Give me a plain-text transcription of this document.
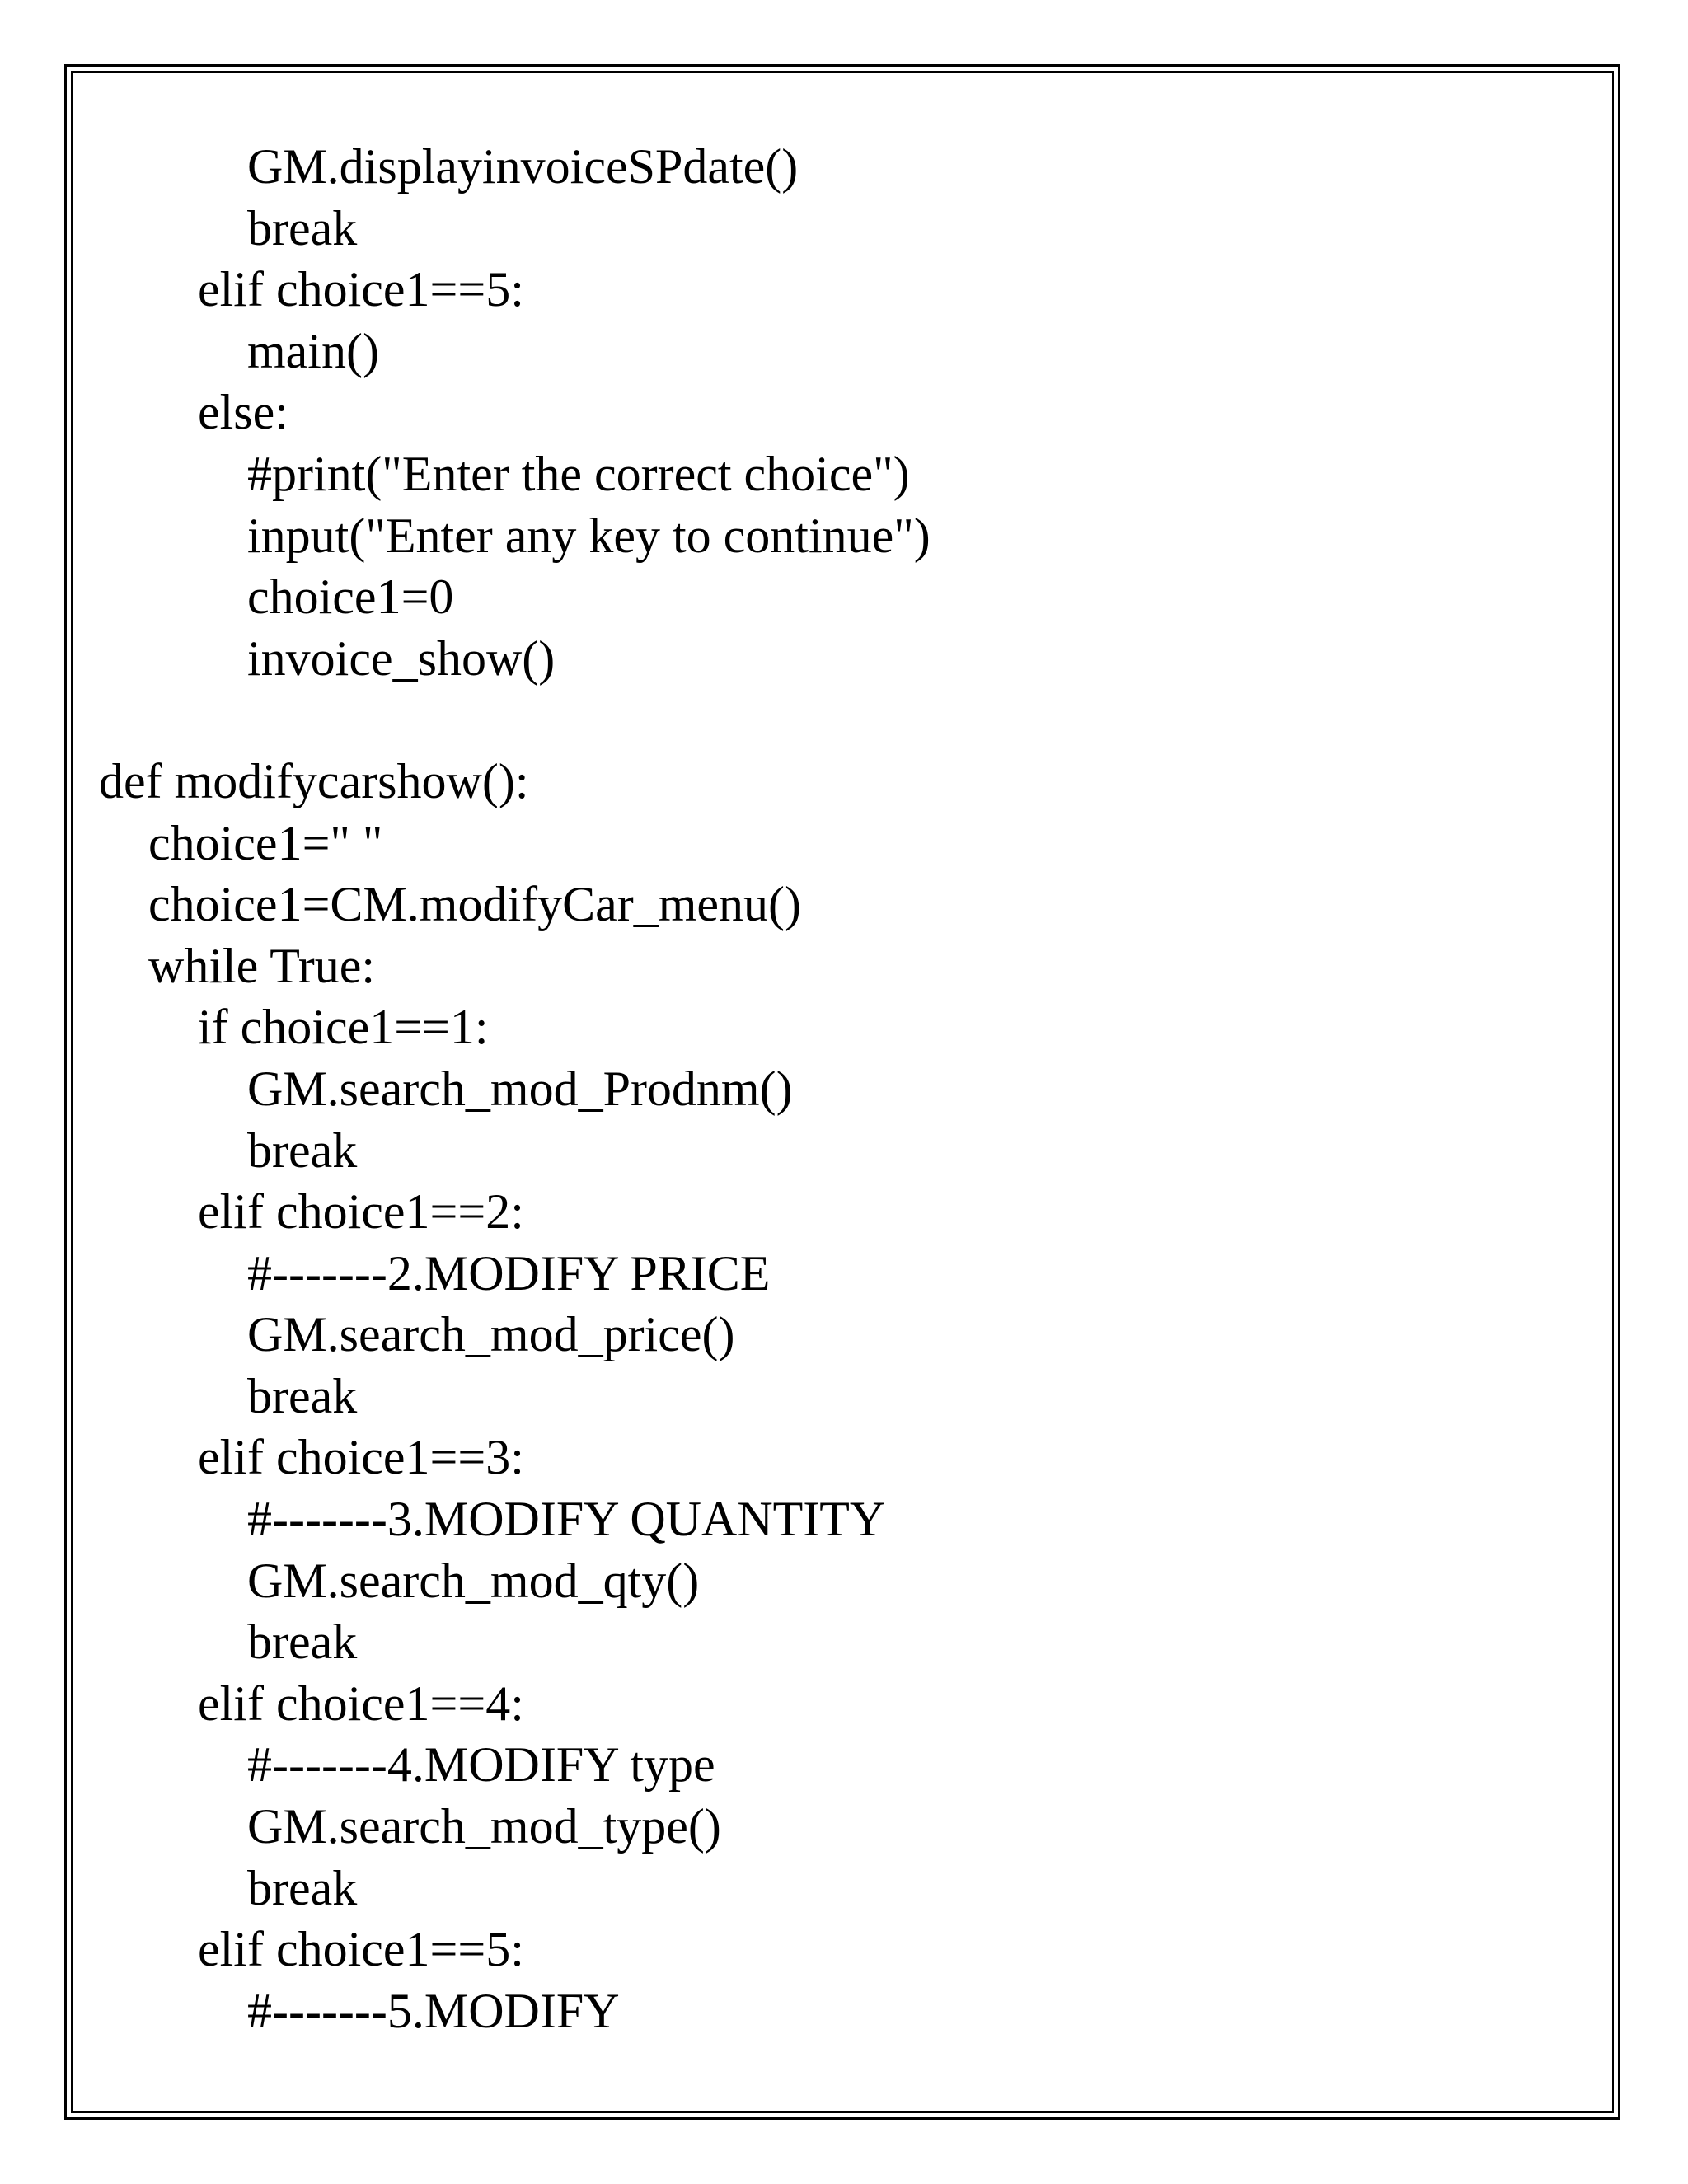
GM.displayinvoiceSPdate()
break
elif choice1==5:
main()
else:
#print("Enter the correct choice")
input("Enter any key to continue")
choice1=0
invoice_show()
def modifycarshow():
choice1=" "
choice1=CM.modifyCar_menu()
while True:
if choice1==1:
GM.search_mod_Prodnm()
break
elif choice1==2:
#-------2.MODIFY PRICE
GM.search_mod_price()
break
elif choice1==3:
#-------3.MODIFY QUANTITY
GM.search_mod_qty()
break
elif choice1==4:
#-------4.MODIFY type
GM.search_mod_type()
break
elif choice1==5:
#-------5.MODIFY
